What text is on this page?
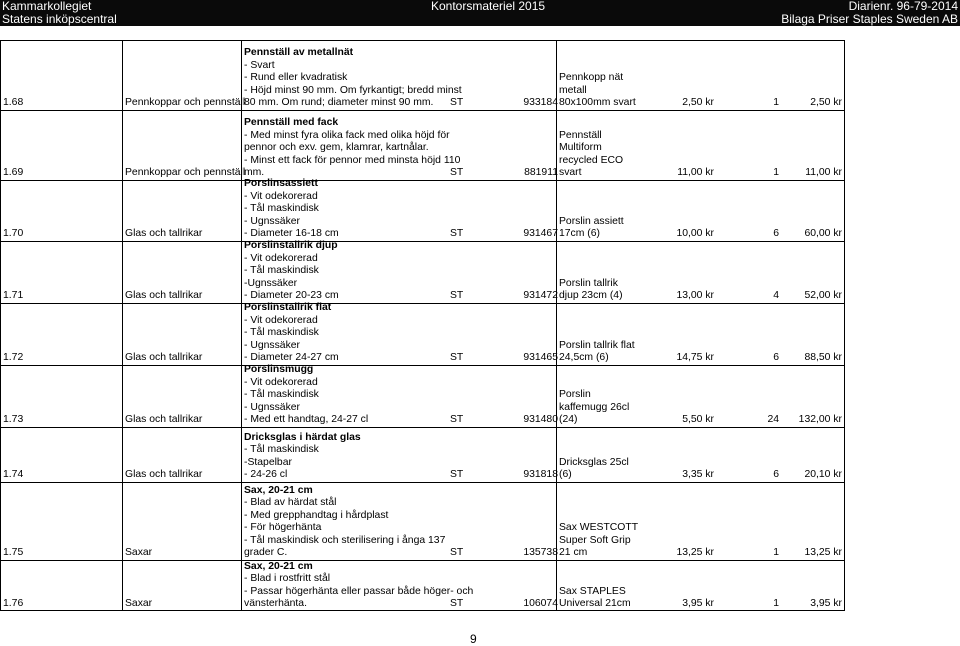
Kammarkollegiet
Statens inköpscentral
Kontorsmateriel 2015	Diarienr. 96-79-2014
Bilaga Priser Staples Sweden AB
1.68	Pennkoppar och pennställ
Pennställ av metallnät
- Svart
- Rund eller kvadratisk
- Höjd minst 90 mm. Om fyrkantigt; bredd minst
80 mm. Om rund; diameter minst 90 mm. ST	933184
Pennkopp nät
metall
80x100mm svart	2,50 kr	1	2,50 kr
1.69	Pennkoppar och pennställ
Pennställ med fack
- Med minst fyra olika fack med olika höjd för
pennor och exv. gem, klamrar, kartnålar.
- Minst ett fack för pennor med minsta höjd 110
mm.	ST	881911
Pennställ
Multiform
recycled ECO
svart	11,00 kr	1	11,00 kr
1.70	Glas och tallrikar
Porslinsassiett
- Vit odekorerad
- Tål maskindisk
- Ugnssäker
- Diameter 16-18 cm	ST	931467
Porslin assiett
17cm (6)	10,00 kr	6 60,00 kr
1.71	Glas och tallrikar
Porslinstallrik djup
- Vit odekorerad
- Tål maskindisk
-Ugnssäker
- Diameter 20-23 cm	ST	931472
Porslin tallrik
djup 23cm (4)	13,00 kr	4 52,00 kr
1.72	Glas och tallrikar
Porslinstallrik flat
- Vit odekorerad
- Tål maskindisk
- Ugnssäker
- Diameter 24-27 cm	ST	931465
Porslin tallrik flat
24,5cm (6)	14,75 kr	6 88,50 kr
1.73	Glas och tallrikar
Porslinsmugg
- Vit odekorerad
- Tål maskindisk
- Ugnssäker
- Med ett handtag, 24-27 cl	ST	931480
Porslin
kaffemugg 26cl
(24)	5,50 kr	24 132,00 kr
1.74	Glas och tallrikar
Dricksglas i härdat glas
- Tål maskindisk
-Stapelbar
- 24-26 cl	ST	931818
Dricksglas 25cl
(6)	3,35 kr	6 20,10 kr
1.75	Saxar
Sax, 20-21 cm
- Blad av härdat stål
- Med grepphandtag i hårdplast
- För högerhänta
- Tål maskindisk och sterilisering i ånga 137
grader C.	ST	135738
Sax WESTCOTT
Super Soft Grip
21 cm	13,25 kr	1 13,25 kr
1.76	Saxar
Sax, 20-21 cm
- Blad i rostfritt stål
- Passar högerhänta eller passar både höger- och
vänsterhänta.	ST	106074
Sax STAPLES
Universal 21cm	3,95 kr	1	3,95 kr
9
